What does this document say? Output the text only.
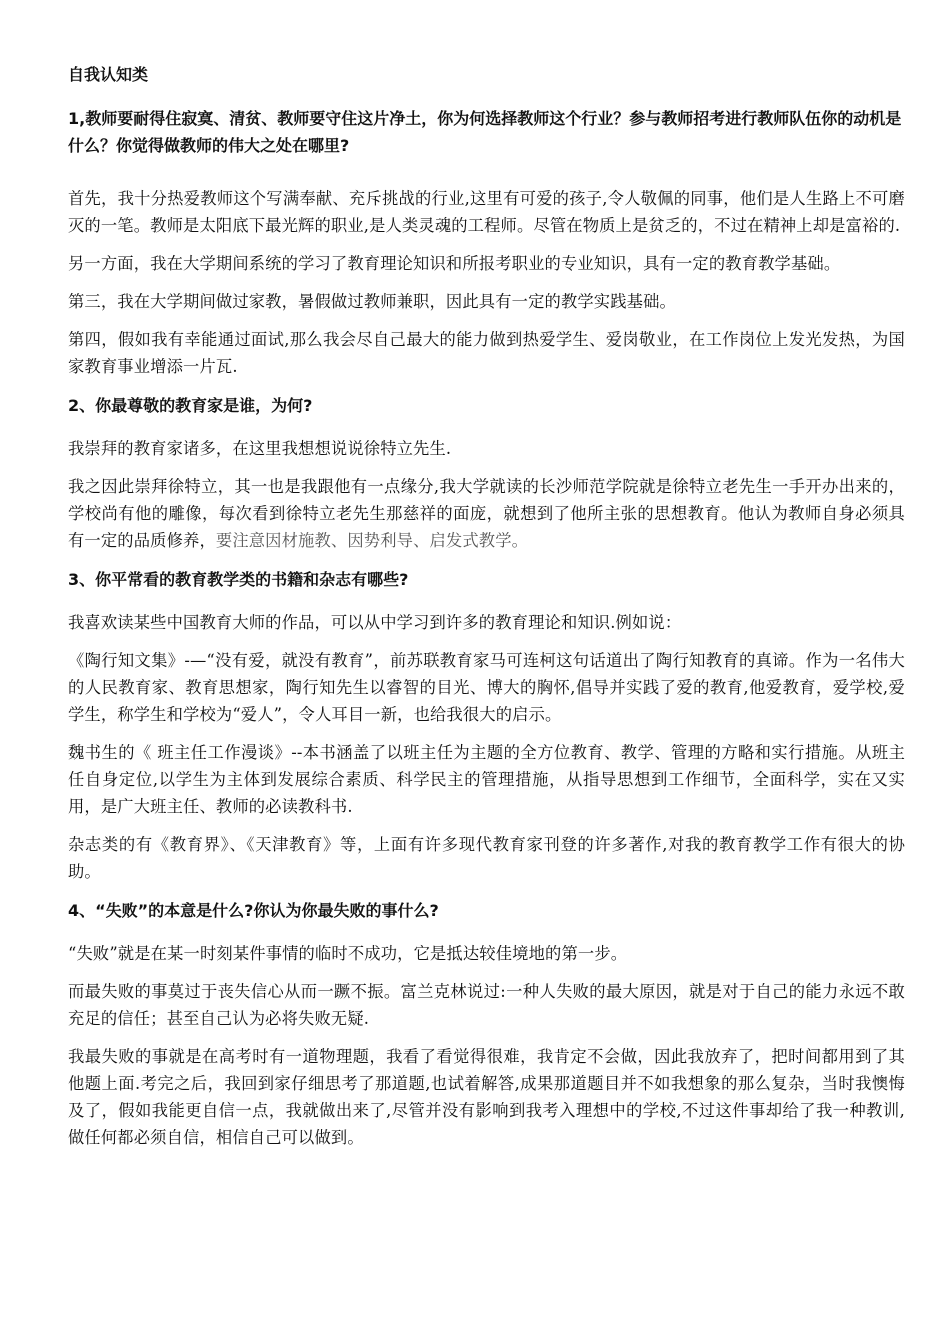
自我认知类
1,教师要耐得住寂寞、清贫、教师要守住这片净土，你为何选择教师这个行业？参与教师招考进行教师队伍你的动机是什么？你觉得做教师的伟大之处在哪里?

首先，我十分热爱教师这个写满奉献、充斥挑战的行业,这里有可爱的孩子,令人敬佩的同事，他们是人生路上不可磨灭的一笔。教师是太阳底下最光辉的职业,是人类灵魂的工程师。尽管在物质上是贫乏的，不过在精神上却是富裕的.

另一方面，我在大学期间系统的学习了教育理论知识和所报考职业的专业知识，具有一定的教育教学基础。

第三，我在大学期间做过家教，暑假做过教师兼职，因此具有一定的教学实践基础。

第四，假如我有幸能通过面试,那么我会尽自己最大的能力做到热爱学生、爱岗敬业，在工作岗位上发光发热，为国家教育事业增添一片瓦.

2、你最尊敬的教育家是谁，为何?

我崇拜的教育家诸多，在这里我想想说说徐特立先生.

我之因此崇拜徐特立，其一也是我跟他有一点缘分,我大学就读的长沙师范学院就是徐特立老先生一手开办出来的，学校尚有他的雕像，每次看到徐特立老先生那慈祥的面庞，就想到了他所主张的思想教育。他认为教师自身必须具有一定的品质修养，要注意因材施教、因势利导、启发式教学。

3、你平常看的教育教学类的书籍和杂志有哪些?

我喜欢读某些中国教育大师的作品，可以从中学习到许多的教育理论和知识.例如说：

《陶行知文集》-—“没有爱，就没有教育”，前苏联教育家马可连柯这句话道出了陶行知教育的真谛。作为一名伟大的人民教育家、教育思想家，陶行知先生以睿智的目光、博大的胸怀,倡导并实践了爱的教育,他爱教育，爱学校,爱学生，称学生和学校为“爱人”，令人耳目一新，也给我很大的启示。

魏书生的《 班主任工作漫谈》--本书涵盖了以班主任为主题的全方位教育、教学、管理的方略和实行措施。从班主任自身定位,以学生为主体到发展综合素质、科学民主的管理措施，从指导思想到工作细节，全面科学，实在又实用，是广大班主任、教师的必读教科书.

杂志类的有《教育界》、《天津教育》等，上面有许多现代教育家刊登的许多著作,对我的教育教学工作有很大的协助。

4、“失败”的本意是什么?你认为你最失败的事什么?

“失败”就是在某一时刻某件事情的临时不成功，它是抵达较佳境地的第一步。

而最失败的事莫过于丧失信心从而一蹶不振。富兰克林说过:一种人失败的最大原因，就是对于自己的能力永远不敢充足的信任；甚至自己认为必将失败无疑.

我最失败的事就是在高考时有一道物理题，我看了看觉得很难，我肯定不会做，因此我放弃了，把时间都用到了其他题上面.考完之后，我回到家仔细思考了那道题,也试着解答,成果那道题目并不如我想象的那么复杂，当时我懊悔及了，假如我能更自信一点，我就做出来了,尽管并没有影响到我考入理想中的学校,不过这件事却给了我一种教训,做任何都必须自信，相信自己可以做到。
